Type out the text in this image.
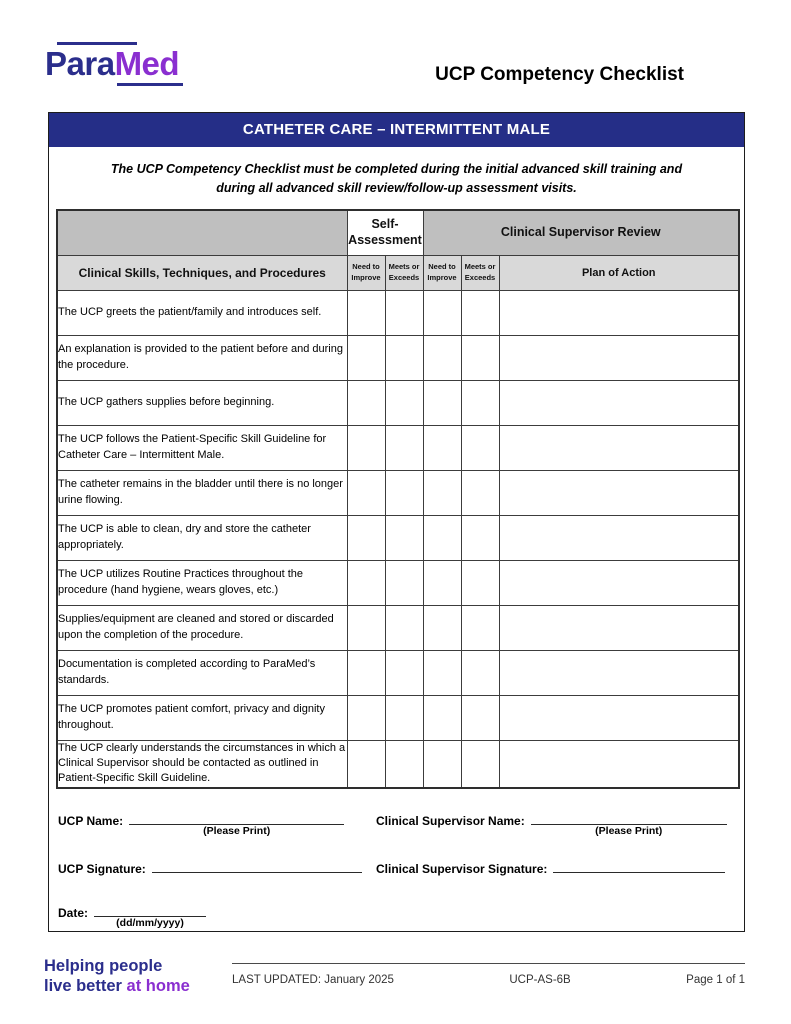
ParaMed	UCP Competency Checklist
CATHETER CARE – INTERMITTENT MALE
The UCP Competency Checklist must be completed during the initial advanced skill training and during all advanced skill review/follow-up assessment visits.
	Self-Assessment		Clinical Supervisor Review		
Clinical Skills, Techniques, and Procedures	Need to Improve	Meets or Exceeds	Need to Improve	Meets or Exceeds	Plan of Action
The UCP greets the patient/family and introduces self.					
An explanation is provided to the patient before and during the procedure.					
The UCP gathers supplies before beginning.					
The UCP follows the Patient-Specific Skill Guideline for Catheter Care – Intermittent Male.					
The catheter remains in the bladder until there is no longer urine flowing.					
The UCP is able to clean, dry and store the catheter appropriately.					
The UCP utilizes Routine Practices throughout the procedure (hand hygiene, wears gloves, etc.)					
Supplies/equipment are cleaned and stored or discarded upon the completion of the procedure.					
Documentation is completed according to ParaMed’s standards.					
The UCP promotes patient comfort, privacy and dignity throughout.					
The UCP clearly understands the circumstances in which a Clinical Supervisor should be contacted as outlined in Patient-Specific Skill Guideline.					
UCP Name:
(Please Print)
Clinical Supervisor Name:
(Please Print)
UCP Signature:	Clinical Supervisor Signature:
Date:
(dd/mm/yyyy)
Helping people
live better at home	LAST UPDATED: January 2025	UCP-AS-6B	Page 1 of 1
